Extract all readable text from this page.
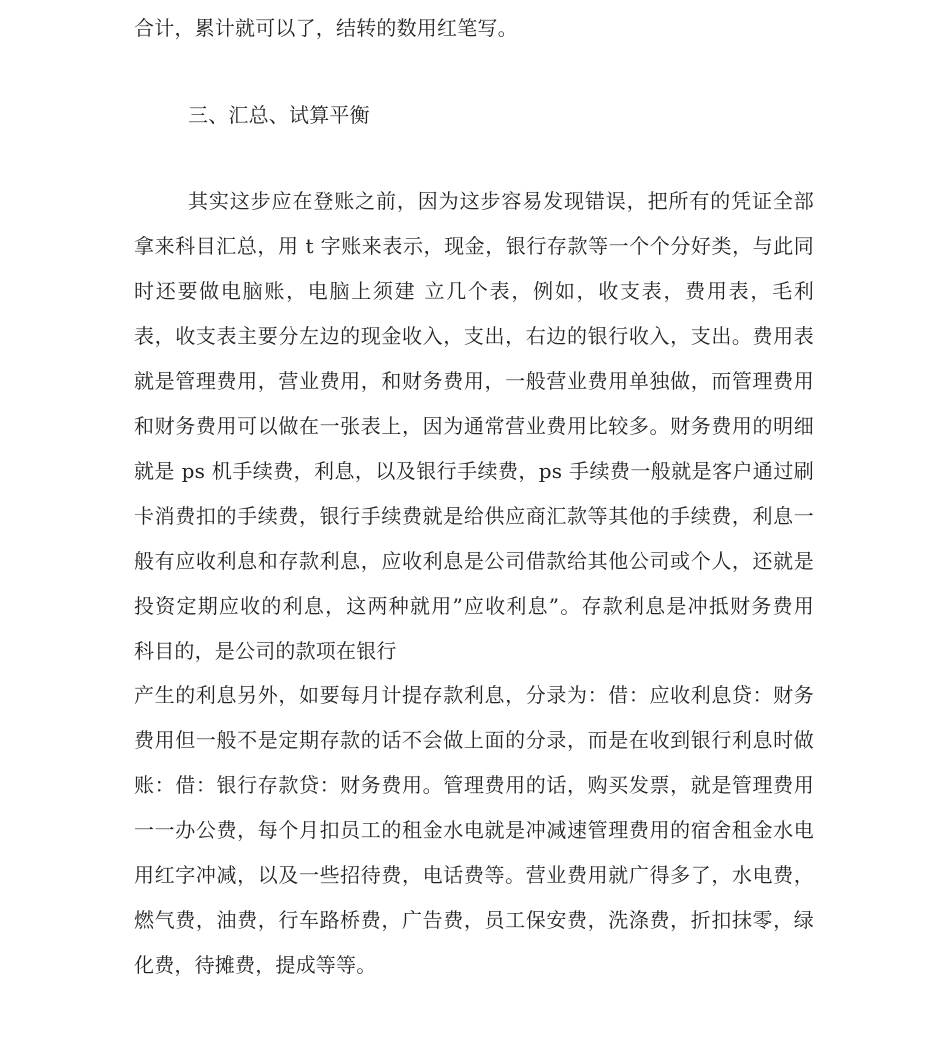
合计，累计就可以了，结转的数用红笔写。
三、汇总、试算平衡
其实这步应在登账之前，因为这步容易发现错误，把所有的凭证全部
拿来科目汇总，用 t 字账来表示，现金，银行存款等一个个分好类，与此同
时还要做电脑账，电脑上须建 立几个表，例如，收支表，费用表，毛利
表，收支表主要分左边的现金收入，支出，右边的银行收入，支出。费用表
就是管理费用，营业费用，和财务费用，一般营业费用单独做，而管理费用
和财务费用可以做在一张表上，因为通常营业费用比较多。财务费用的明细
就是 ps 机手续费，利息，以及银行手续费，ps 手续费一般就是客户通过刷
卡消费扣的手续费，银行手续费就是给供应商汇款等其他的手续费，利息一
般有应收利息和存款利息，应收利息是公司借款给其他公司或个人，还就是
投资定期应收的利息，这两种就用”应收利息”。存款利息是冲抵财务费用
科目的，是公司的款项在银行
产生的利息另外，如要每月计提存款利息，分录为：借：应收利息贷：财务
费用但一般不是定期存款的话不会做上面的分录，而是在收到银行利息时做
账：借：银行存款贷：财务费用。管理费用的话，购买发票，就是管理费用
一一办公费，每个月扣员工的租金水电就是冲减速管理费用的宿舍租金水电
用红字冲减，以及一些招待费，电话费等。营业费用就广得多了，水电费，
燃气费，油费，行车路桥费，广告费，员工保安费，洗涤费，折扣抹零，绿
化费，待摊费，提成等等。
